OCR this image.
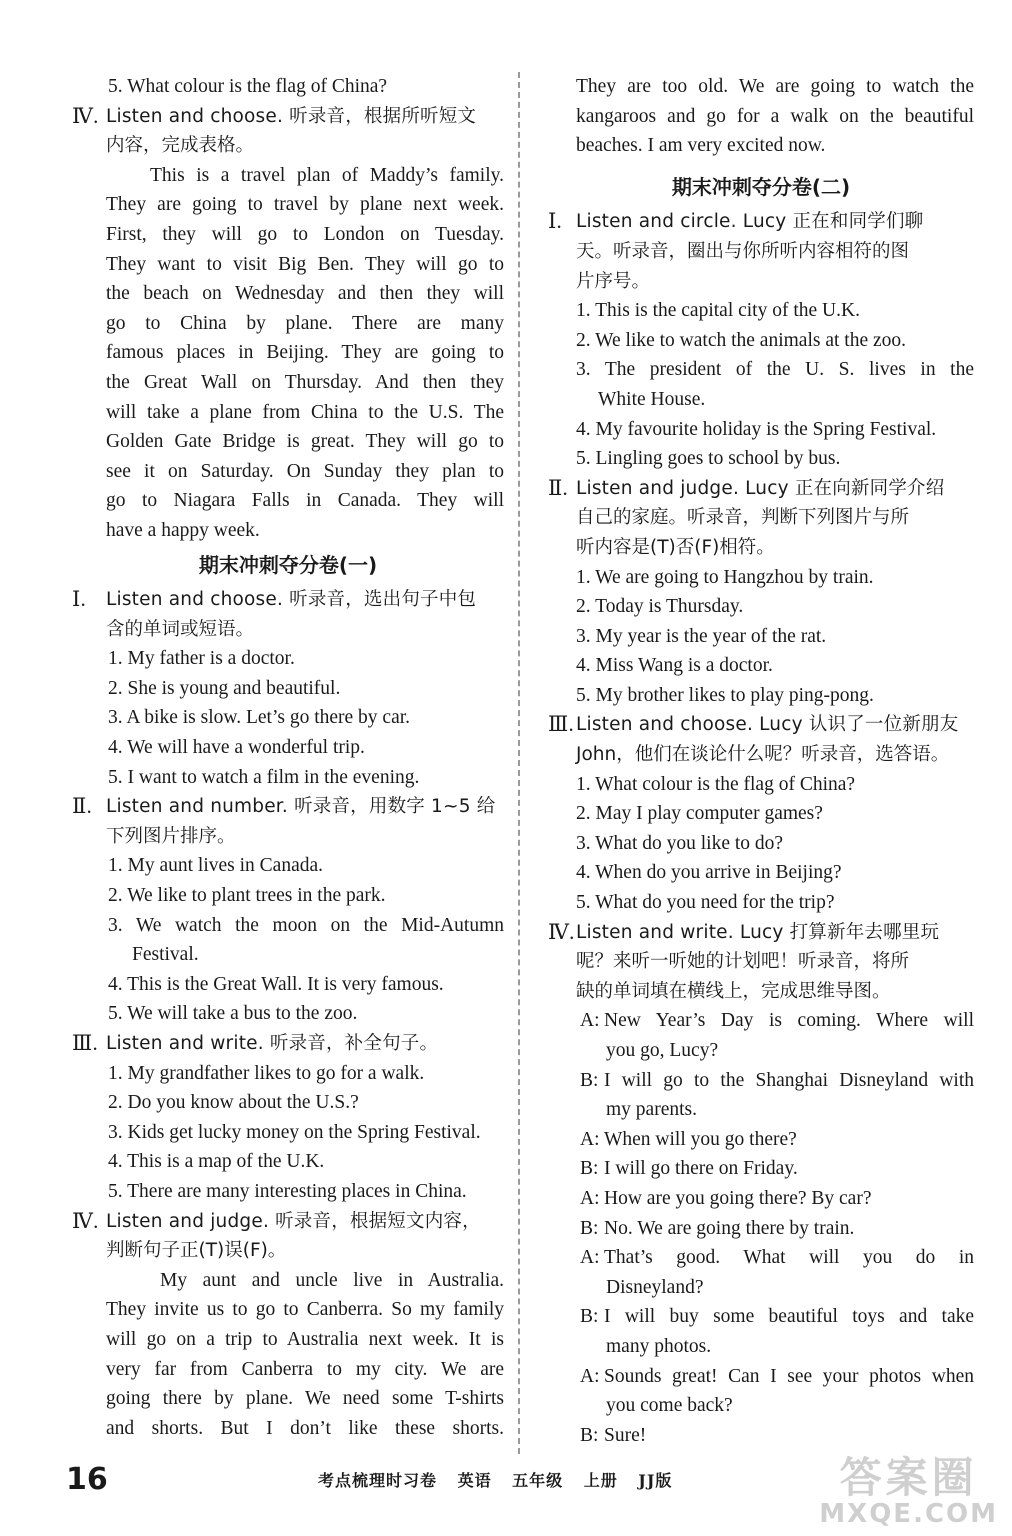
5. What colour is the flag of China?

Ⅳ. Listen and choose. 听录音，根据所听短文

内容，完成表格。

This is a travel plan of Maddy’s family.

They are going to travel by plane next week.

First, they will go to London on Tuesday.

They want to visit Big Ben. They will go to

the beach on Wednesday and then they will

go to China by plane. There are many

famous places in Beijing. They are going to

the Great Wall on Thursday. And then they

will take a plane from China to the U.S. The

Golden Gate Bridge is great. They will go to

see it on Saturday. On Sunday they plan to

go to Niagara Falls in Canada. They will

have a happy week.

期末冲刺夺分卷(一)

Ⅰ. Listen and choose. 听录音，选出句子中包

含的单词或短语。

1. My father is a doctor.

2. She is young and beautiful.

3. A bike is slow. Let’s go there by car.

4. We will have a wonderful trip.

5. I want to watch a film in the evening.

Ⅱ. Listen and number. 听录音，用数字 1~5 给

下列图片排序。

1. My aunt lives in Canada.

2. We like to plant trees in the park.

3. We watch the moon on the Mid-Autumn

Festival.

4. This is the Great Wall. It is very famous.

5. We will take a bus to the zoo.

Ⅲ. Listen and write. 听录音，补全句子。

1. My grandfather likes to go for a walk.

2. Do you know about the U.S.?

3. Kids get lucky money on the Spring Festival.

4. This is a map of the U.K.

5. There are many interesting places in China.

Ⅳ. Listen and judge. 听录音，根据短文内容，

判断句子正(T)误(F)。

My aunt and uncle live in Australia.

They invite us to go to Canberra. So my family

will go on a trip to Australia next week. It is

very far from Canberra to my city. We are

going there by plane. We need some T-shirts

and shorts. But I don’t like these shorts.

They are too old. We are going to watch the

kangaroos and go for a walk on the beautiful

beaches. I am very excited now.

期末冲刺夺分卷(二)

Ⅰ. Listen and circle. Lucy 正在和同学们聊

天。听录音，圈出与你所听内容相符的图

片序号。

1. This is the capital city of the U.K.

2. We like to watch the animals at the zoo.

3. The president of the U. S. lives in the

White House.

4. My favourite holiday is the Spring Festival.

5. Lingling goes to school by bus.

Ⅱ. Listen and judge. Lucy 正在向新同学介绍

自己的家庭。听录音，判断下列图片与所

听内容是(T)否(F)相符。

1. We are going to Hangzhou by train.

2. Today is Thursday.

3. My year is the year of the rat.

4. Miss Wang is a doctor.

5. My brother likes to play ping-pong.

Ⅲ. Listen and choose. Lucy 认识了一位新朋友

John，他们在谈论什么呢？听录音，选答语。

1. What colour is the flag of China?

2. May I play computer games?

3. What do you like to do?

4. When do you arrive in Beijing?

5. What do you need for the trip?

Ⅳ. Listen and write. Lucy 打算新年去哪里玩

呢？来听一听她的计划吧！听录音，将所

缺的单词填在横线上，完成思维导图。

A: New Year’s Day is coming. Where will

you go, Lucy?

B: I will go to the Shanghai Disneyland with

my parents.

A: When will you go there?

B: I will go there on Friday.

A: How are you going there? By car?

B: No. We are going there by train.

A: That’s good. What will you do in

Disneyland?

B: I will buy some beautiful toys and take

many photos.

A: Sounds great! Can I see your photos when

you come back?

B: Sure!

16	考点梳理时习卷 英语 五年级 上册 JJ版	答案圈
MXQE.COM
